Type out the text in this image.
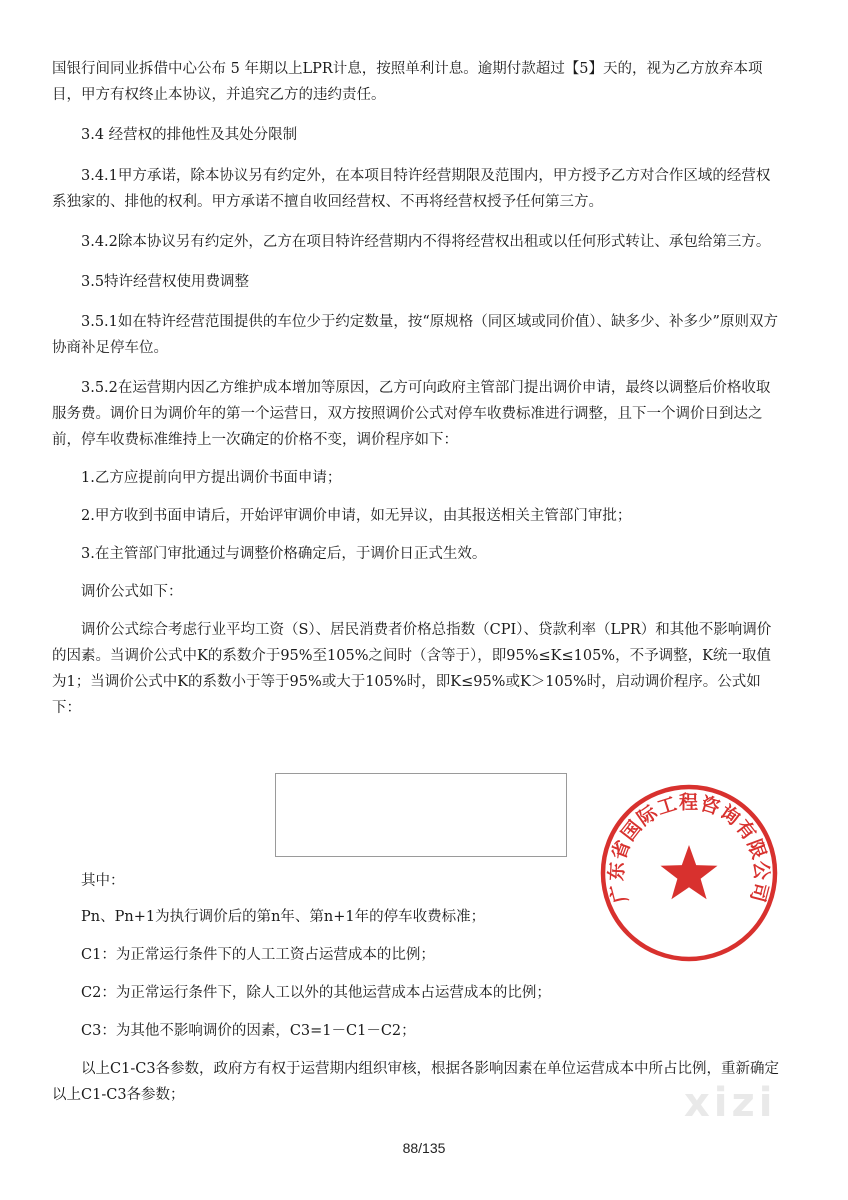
国银行间同业拆借中心公布 5 年期以上LPR计息，按照单利计息。逾期付款超过【5】天的，视为乙方放弃本项目，甲方有权终止本协议，并追究乙方的违约责任。

3.4 经营权的排他性及其处分限制

3.4.1甲方承诺，除本协议另有约定外，在本项目特许经营期限及范围内，甲方授予乙方对合作区域的经营权系独家的、排他的权利。甲方承诺不擅自收回经营权、不再将经营权授予任何第三方。

3.4.2除本协议另有约定外，乙方在项目特许经营期内不得将经营权出租或以任何形式转让、承包给第三方。

3.5特许经营权使用费调整

3.5.1如在特许经营范围提供的车位少于约定数量，按“原规格（同区域或同价值）、缺多少、补多少”原则双方协商补足停车位。

3.5.2在运营期内因乙方维护成本增加等原因，乙方可向政府主管部门提出调价申请，最终以调整后价格收取服务费。调价日为调价年的第一个运营日，双方按照调价公式对停车收费标准进行调整，且下一个调价日到达之前，停车收费标准维持上一次确定的价格不变，调价程序如下：

1.乙方应提前向甲方提出调价书面申请；

2.甲方收到书面申请后，开始评审调价申请，如无异议，由其报送相关主管部门审批；

3.在主管部门审批通过与调整价格确定后，于调价日正式生效。

调价公式如下：

调价公式综合考虑行业平均工资（S）、居民消费者价格总指数（CPI）、贷款利率（LPR）和其他不影响调价的因素。当调价公式中K的系数介于95%至105%之间时（含等于），即95%≤K≤105%，不予调整，K统一取值为1；当调价公式中K的系数小于等于95%或大于105%时，即K≤95%或K＞105%时，启动调价程序。公式如下：

其中：

Pn、Pn+1为执行调价后的第n年、第n+1年的停车收费标准；

C1：为正常运行条件下的人工工资占运营成本的比例；

C2：为正常运行条件下，除人工以外的其他运营成本占运营成本的比例；

C3：为其他不影响调价的因素，C3=1－C1－C2；

以上C1-C3各参数，政府方有权于运营期内组织审核，根据各影响因素在单位运营成本中所占比例，重新确定以上C1-C3各参数；

广东省国际工程咨询有限公司
xizi
88/135
